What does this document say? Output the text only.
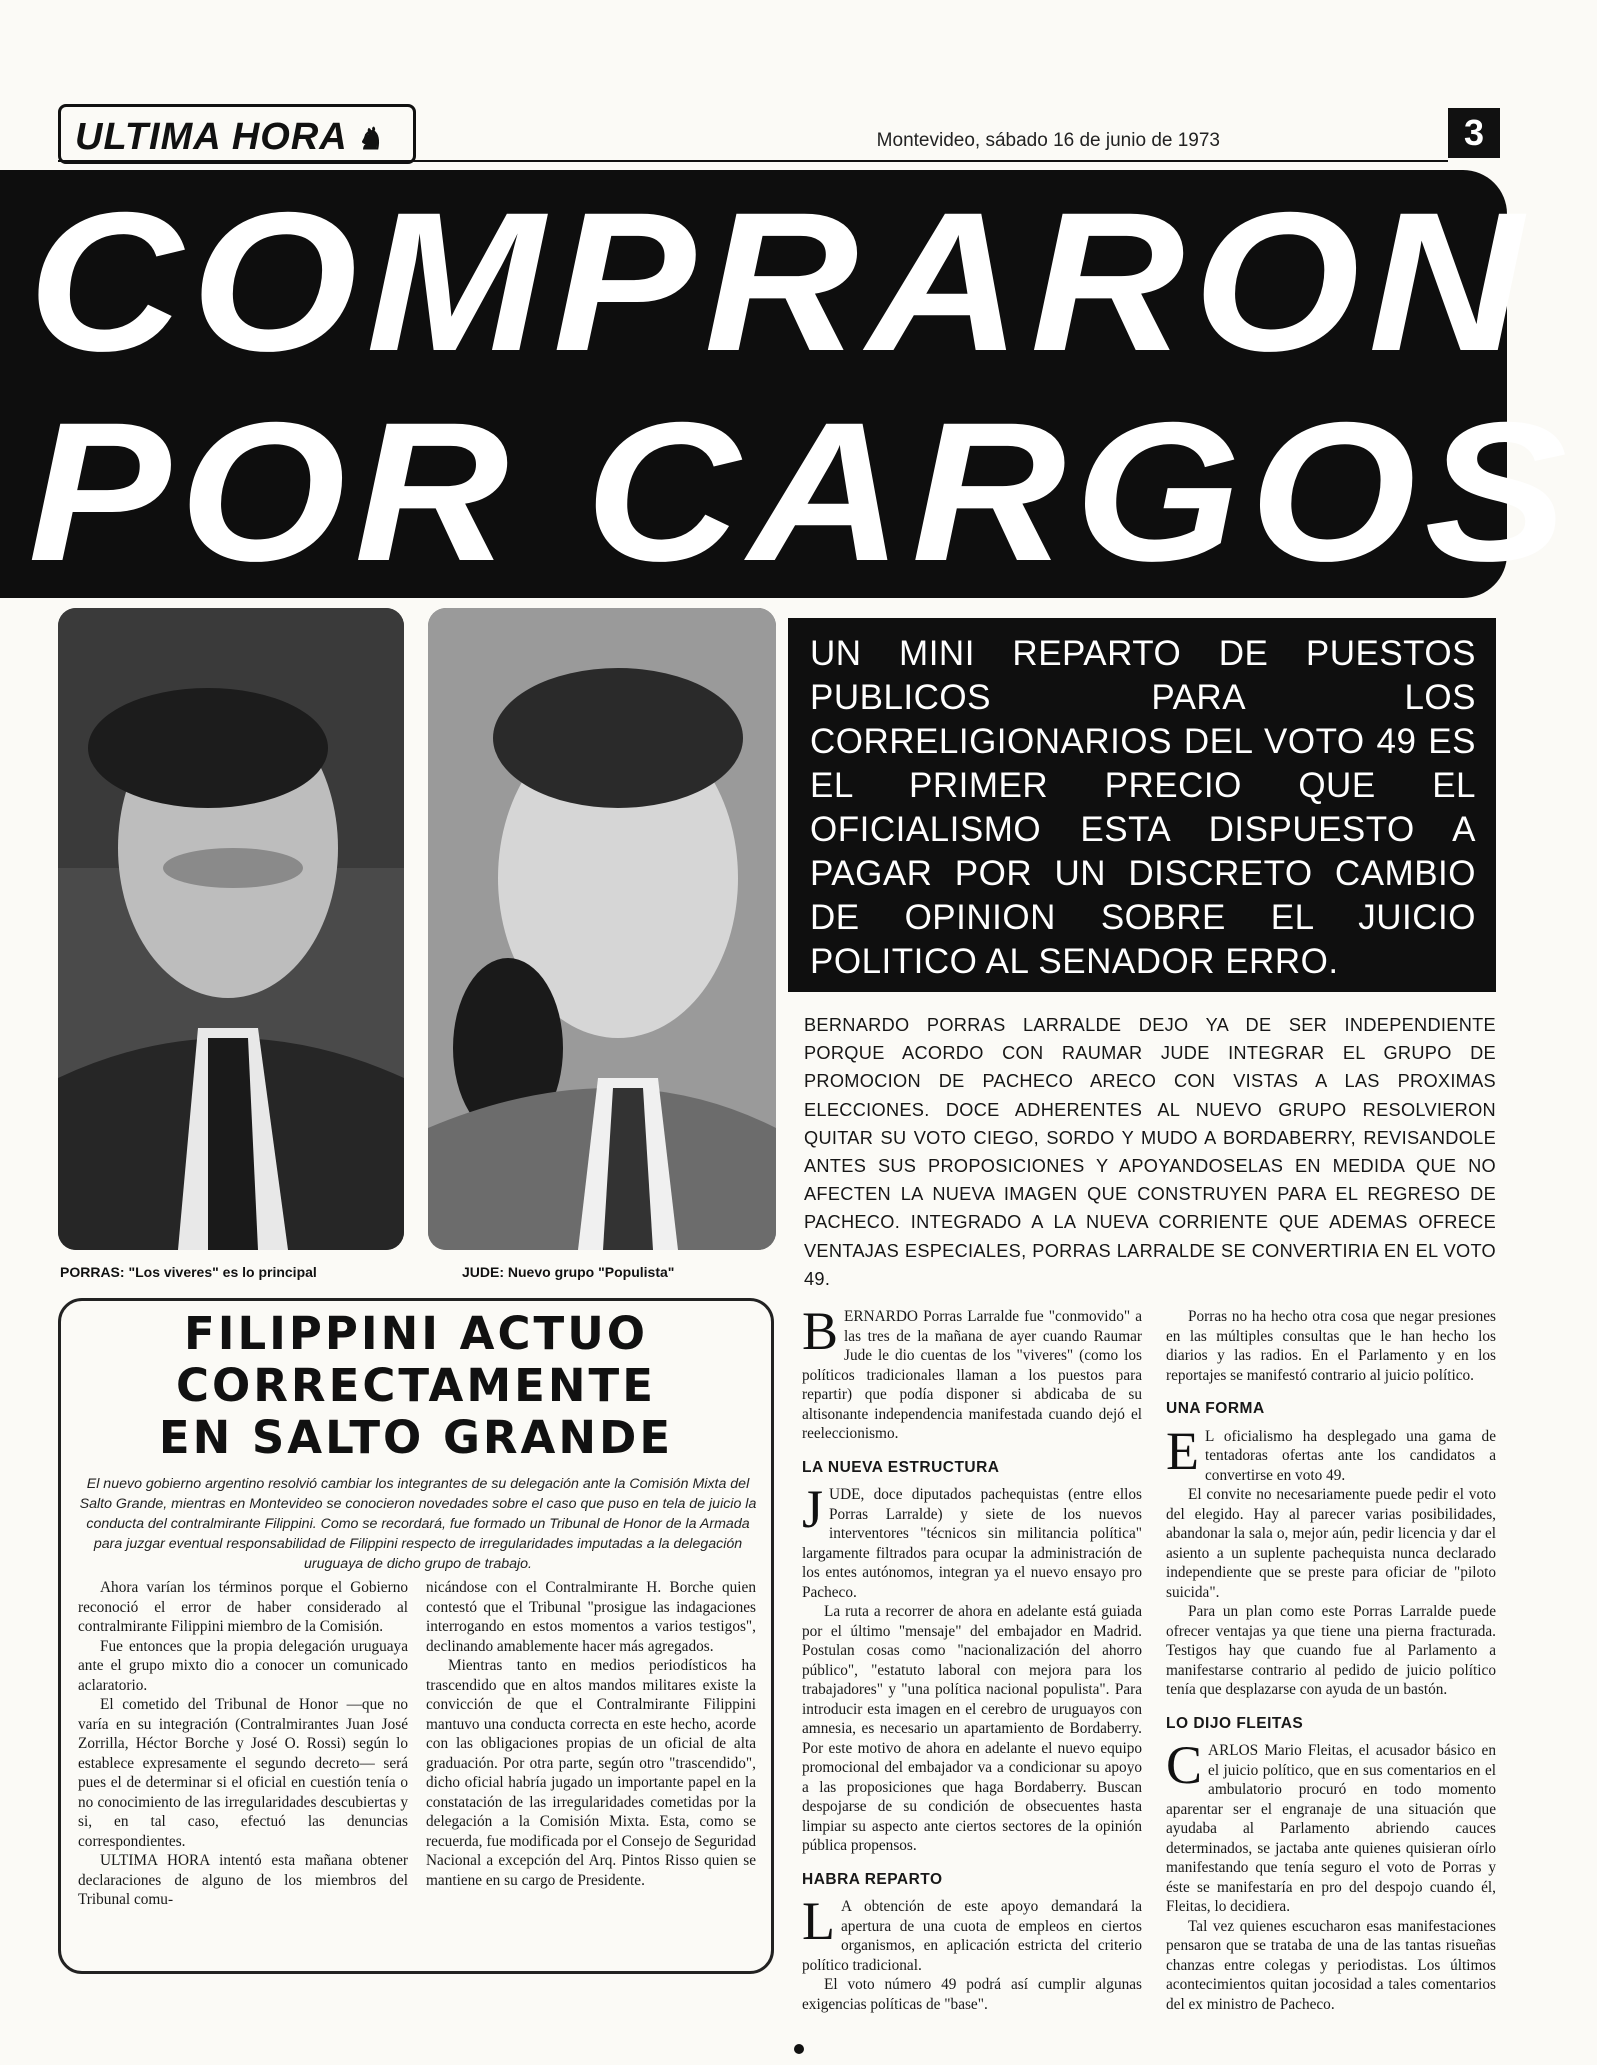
ULTIMA HORA ♞	Montevideo, sábado 16 de junio de 1973	3
COMPRARON
POR CARGOS
PORRAS: "Los viveres" es lo principal	JUDE: Nuevo grupo "Populista"
UN MINI REPARTO DE PUESTOS PUBLICOS PARA LOS CORRELIGIONARIOS DEL VOTO 49 ES EL PRIMER PRECIO QUE EL OFICIALISMO ESTA DISPUESTO A PAGAR POR UN DISCRETO CAMBIO DE OPINION SOBRE EL JUICIO POLITICO AL SENADOR ERRO.
BERNARDO PORRAS LARRALDE DEJO YA DE SER INDEPENDIENTE PORQUE ACORDO CON RAUMAR JUDE INTEGRAR EL GRUPO DE PROMOCION DE PACHECO ARECO CON VISTAS A LAS PROXIMAS ELECCIONES. DOCE ADHERENTES AL NUEVO GRUPO RESOLVIERON QUITAR SU VOTO CIEGO, SORDO Y MUDO A BORDABERRY, REVISANDOLE ANTES SUS PROPOSICIONES Y APOYANDOSELAS EN MEDIDA QUE NO AFECTEN LA NUEVA IMAGEN QUE CONSTRUYEN PARA EL REGRESO DE PACHECO. INTEGRADO A LA NUEVA CORRIENTE QUE ADEMAS OFRECE VENTAJAS ESPECIALES, PORRAS LARRALDE SE CONVERTIRIA EN EL VOTO 49.
FILIPPINI ACTUO
CORRECTAMENTE
EN SALTO GRANDE
El nuevo gobierno argentino resolvió cambiar los integrantes de su delegación ante la Comisión Mixta del Salto Grande, mientras en Montevideo se conocieron novedades sobre el caso que puso en tela de juicio la conducta del contralmirante Filippini. Como se recordará, fue formado un Tribunal de Honor de la Armada para juzgar eventual responsabilidad de Filippini respecto de irregularidades imputadas a la delegación uruguaya de dicho grupo de trabajo.

Ahora varían los términos porque el Gobierno reconoció el error de haber considerado al contralmirante Filippini miembro de la Comisión.

Fue entonces que la propia delegación uruguaya ante el grupo mixto dio a conocer un comunicado aclaratorio.

El cometido del Tribunal de Honor —que no varía en su integración (Contralmirantes Juan José Zorrilla, Héctor Borche y José O. Rossi) según lo establece expresamente el segundo decreto— será pues el de determinar si el oficial en cuestión tenía o no conocimiento de las irregularidades descubiertas y si, en tal caso, efectuó las denuncias correspondientes.

ULTIMA HORA intentó esta mañana obtener declaraciones de alguno de los miembros del Tribunal comu-

nicándose con el Contralmirante H. Borche quien contestó que el Tribunal "prosigue las indagaciones interrogando en estos momentos a varios testigos", declinando amablemente hacer más agregados.

Mientras tanto en medios periodísticos ha trascendido que en altos mandos militares existe la convicción de que el Contralmirante Filippini mantuvo una conducta correcta en este hecho, acorde con las obligaciones propias de un oficial de alta graduación. Por otra parte, según otro "trascendido", dicho oficial habría jugado un importante papel en la constatación de las irregularidades cometidas por la delegación a la Comisión Mixta. Esta, como se recuerda, fue modificada por el Consejo de Seguridad Nacional a excepción del Arq. Pintos Risso quien se mantiene en su cargo de Presidente.

BERNARDO Porras Larralde fue "conmovido" a las tres de la mañana de ayer cuando Raumar Jude le dio cuentas de los "viveres" (como los políticos tradicionales llaman a los puestos para repartir) que podía disponer si abdicaba de su altisonante independencia manifestada cuando dejó el reeleccionismo.

LA NUEVA ESTRUCTURA

JUDE, doce diputados pachequistas (entre ellos Porras Larralde) y siete de los nuevos interventores "técnicos sin militancia política" largamente filtrados para ocupar la administración de los entes autónomos, integran ya el nuevo ensayo pro Pacheco.

La ruta a recorrer de ahora en adelante está guiada por el último "mensaje" del embajador en Madrid. Postulan cosas como "nacionalización del ahorro público", "estatuto laboral con mejora para los trabajadores" y "una política nacional populista". Para introducir esta imagen en el cerebro de uruguayos con amnesia, es necesario un apartamiento de Bordaberry. Por este motivo de ahora en adelante el nuevo equipo promocional del embajador va a condicionar su apoyo a las proposiciones que haga Bordaberry. Buscan despojarse de su condición de obsecuentes hasta limpiar su aspecto ante ciertos sectores de la opinión pública propensos.

HABRA REPARTO

L A obtención de este apoyo demandará la apertura de una cuota de empleos en ciertos organismos, en aplicación estricta del criterio político tradicional.

El voto número 49 podrá así cumplir algunas exigencias políticas de "base".

Porras no ha hecho otra cosa que negar presiones en las múltiples consultas que le han hecho los diarios y las radios. En el Parlamento y en los reportajes se manifestó contrario al juicio político.

UNA FORMA

E L oficialismo ha desplegado una gama de tentadoras ofertas ante los candidatos a convertirse en voto 49.

El convite no necesariamente puede pedir el voto del elegido. Hay al parecer varias posibilidades, abandonar la sala o, mejor aún, pedir licencia y dar el asiento a un suplente pachequista nunca declarado independiente que se preste para oficiar de "piloto suicida".

Para un plan como este Porras Larralde puede ofrecer ventajas ya que tiene una pierna fracturada. Testigos hay que cuando fue al Parlamento a manifestarse contrario al pedido de juicio político tenía que desplazarse con ayuda de un bastón.

LO DIJO FLEITAS

CARLOS Mario Fleitas, el acusador básico en el juicio político, que en sus comentarios en el ambulatorio procuró en todo momento aparentar ser el engranaje de una situación que ayudaba al Parlamento abriendo cauces determinados, se jactaba ante quienes quisieran oírlo manifestando que tenía seguro el voto de Porras y éste se manifestaría en pro del despojo cuando él, Fleitas, lo decidiera.

Tal vez quienes escucharon esas manifestaciones pensaron que se trataba de una de las tantas risueñas chanzas entre colegas y periodistas. Los últimos acontecimientos quitan jocosidad a tales comentarios del ex ministro de Pacheco.
